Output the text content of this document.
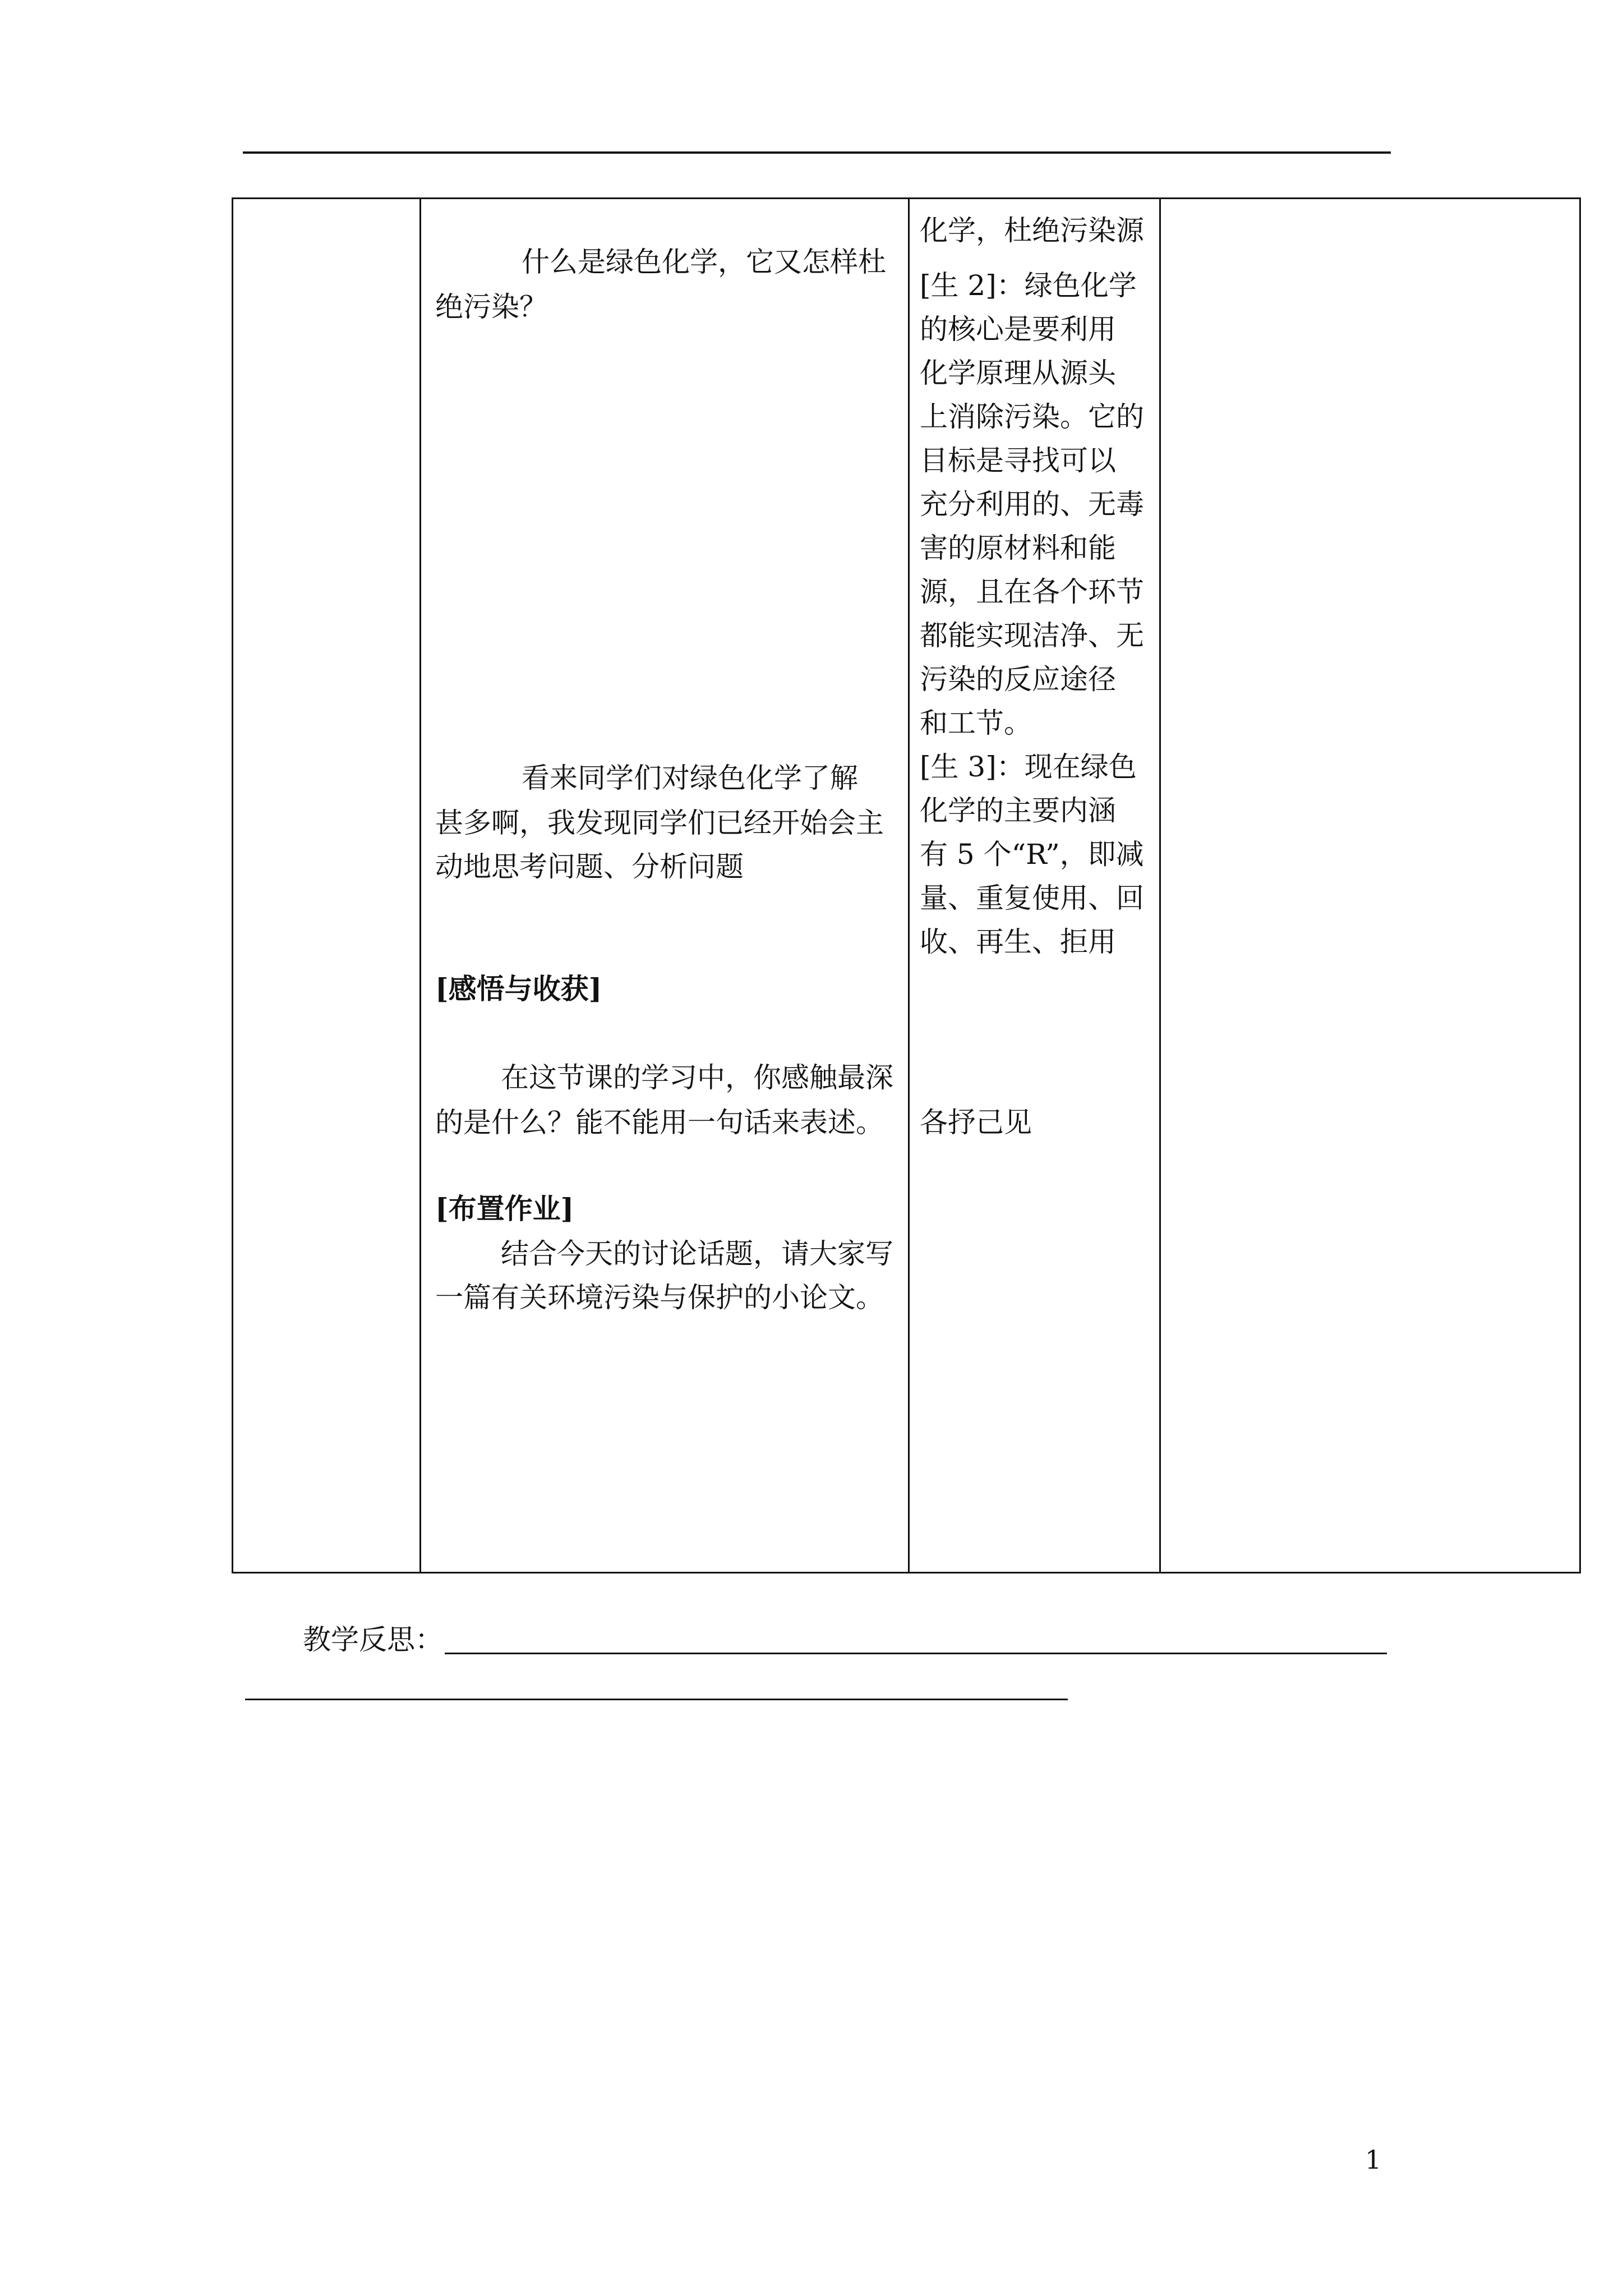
什么是绿色化学，它又怎样杜
绝污染？
看来同学们对绿色化学了解
甚多啊，我发现同学们已经开始会主
动地思考问题、分析问题
[感悟与收获]
在这节课的学习中，你感触最深
的是什么？能不能用一句话来表述。
[布置作业]
结合今天的讨论话题，请大家写
一篇有关环境污染与保护的小论文。
化学，杜绝污染源
[生 2]：绿色化学
的核心是要利用
化学原理从源头
上消除污染。它的
目标是寻找可以
充分利用的、无毒
害的原材料和能
源，且在各个环节
都能实现洁净、无
污染的反应途径
和工节。
[生 3]：现在绿色
化学的主要内涵
有 5 个“R”，即减
量、重复使用、回
收、再生、拒用
各抒己见
教学反思：
1
